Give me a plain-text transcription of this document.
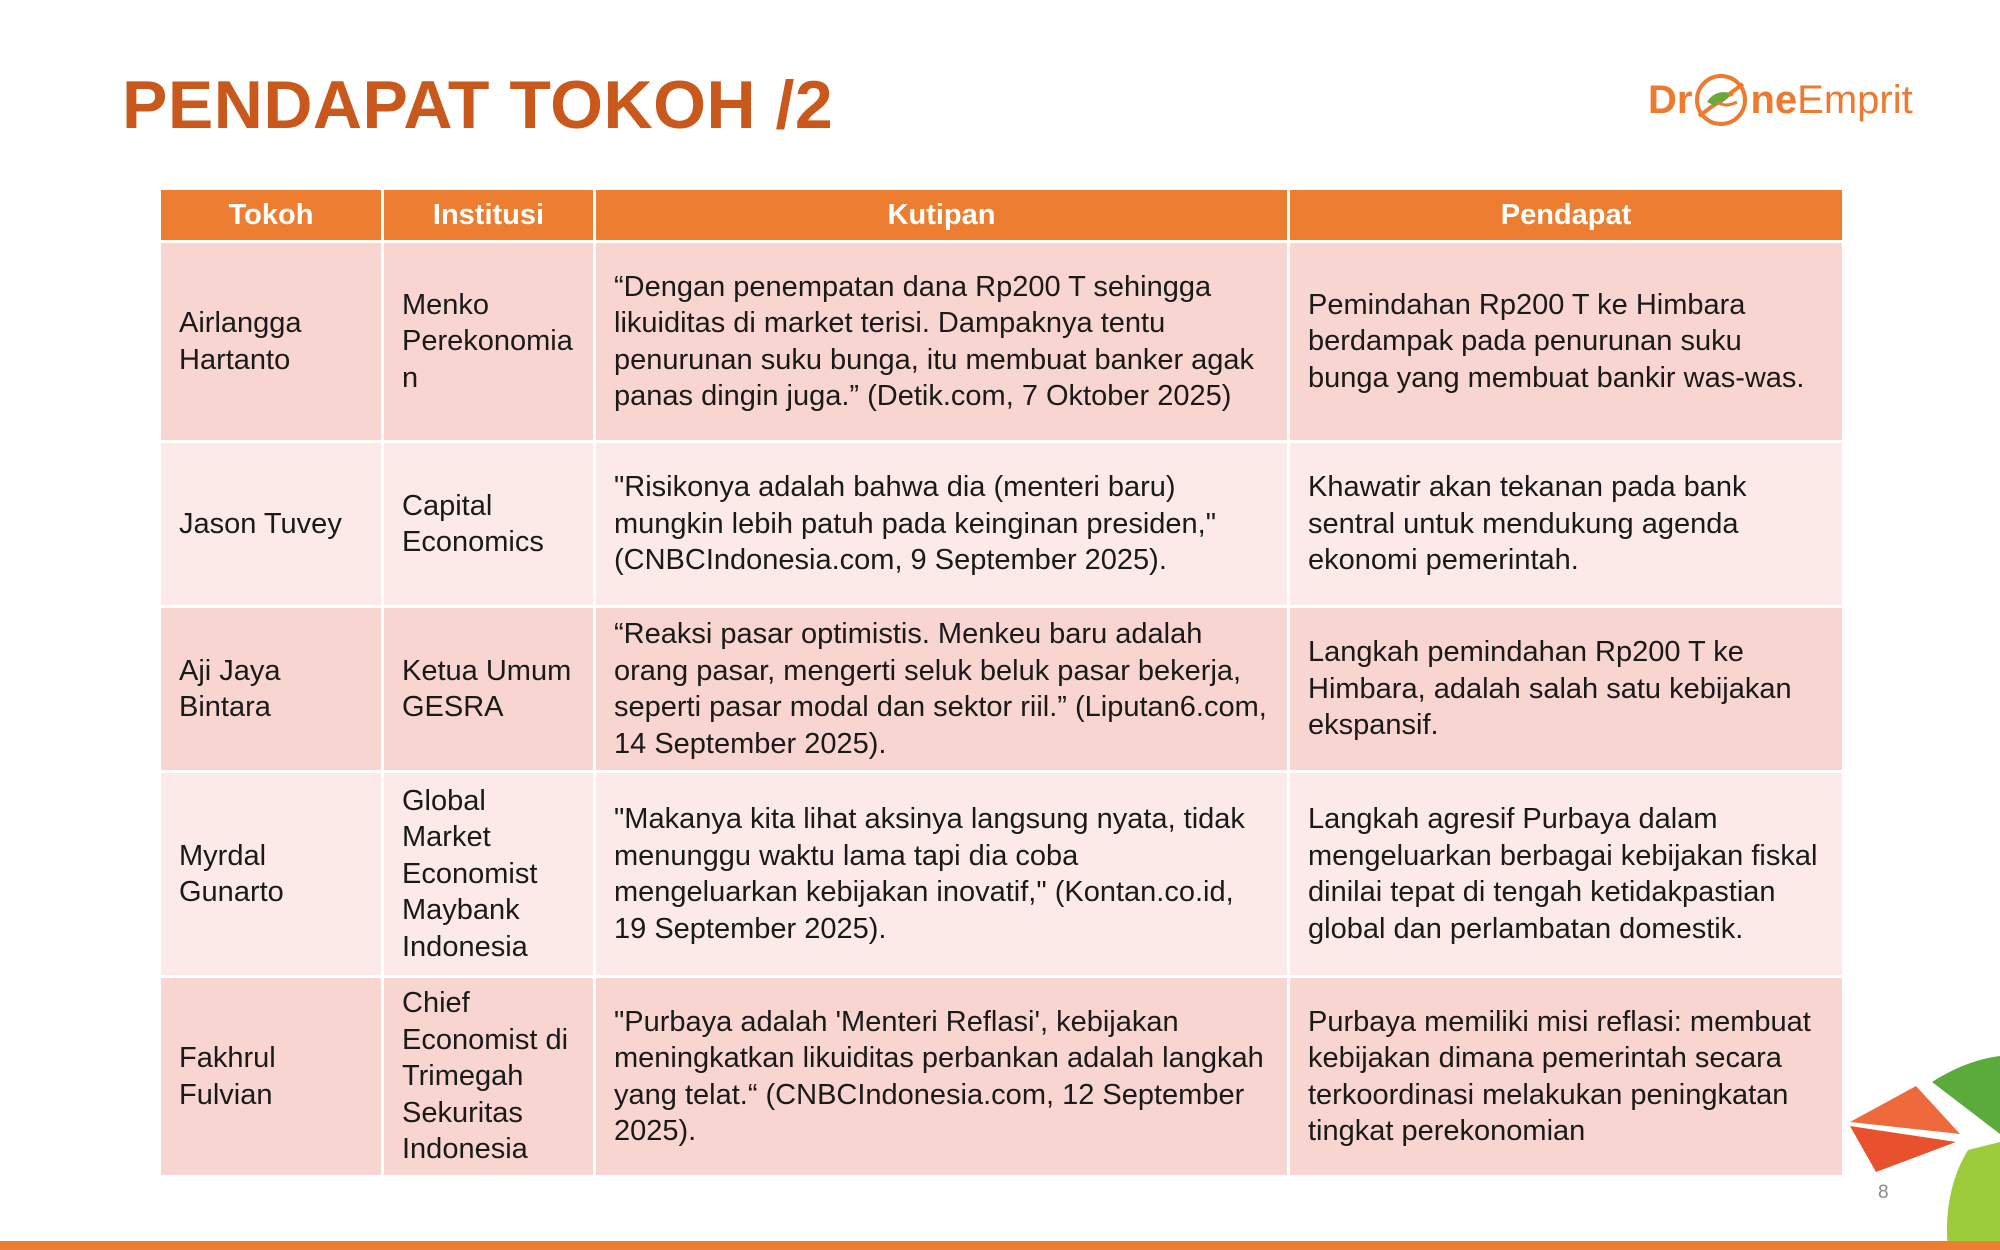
PENDAPAT TOKOH /2	Dr ne Emprit
Tokoh	Institusi	Kutipan	Pendapat
Airlangga Hartanto	Menko Perekonomian	“Dengan penempatan dana Rp200 T sehingga likuiditas di market terisi. Dampaknya tentu penurunan suku bunga, itu membuat banker agak panas dingin juga.” (Detik.com, 7 Oktober 2025)	Pemindahan Rp200 T ke Himbara berdampak pada penurunan suku bunga yang membuat bankir was-was.
Jason Tuvey	Capital Economics	"Risikonya adalah bahwa dia (menteri baru) mungkin lebih patuh pada keinginan presiden," (CNBCIndonesia.com, 9 September 2025).	Khawatir akan tekanan pada bank sentral untuk mendukung agenda ekonomi pemerintah.
Aji Jaya Bintara	Ketua Umum GESRA	“Reaksi pasar optimistis. Menkeu baru adalah orang pasar, mengerti seluk beluk pasar bekerja, seperti pasar modal dan sektor riil.” (Liputan6.com, 14 September 2025).	Langkah pemindahan Rp200 T ke Himbara, adalah salah satu kebijakan ekspansif.
Myrdal Gunarto	Global Market Economist Maybank Indonesia	"Makanya kita lihat aksinya langsung nyata, tidak menunggu waktu lama tapi dia coba mengeluarkan kebijakan inovatif," (Kontan.co.id, 19 September 2025).	Langkah agresif Purbaya dalam mengeluarkan berbagai kebijakan fiskal dinilai tepat di tengah ketidakpastian global dan perlambatan domestik.
Fakhrul Fulvian	Chief Economist di Trimegah Sekuritas Indonesia	"Purbaya adalah 'Menteri Reflasi', kebijakan meningkatkan likuiditas perbankan adalah langkah yang telat.“ (CNBCIndonesia.com, 12 September 2025).	Purbaya memiliki misi reflasi: membuat kebijakan dimana pemerintah secara terkoordinasi melakukan peningkatan tingkat perekonomian
8
